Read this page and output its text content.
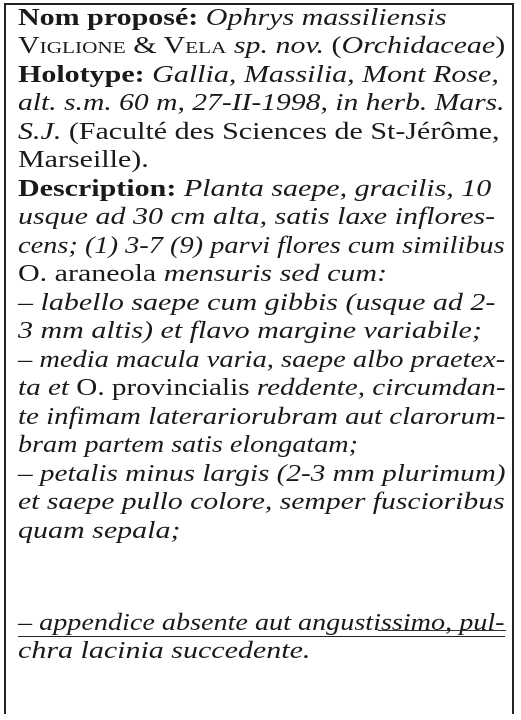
Nom proposé: Ophrys massiliensis
Viglione & Vela sp. nov. (Orchidaceae)
Holotype: Gallia, Massilia, Mont Rose,
alt. s.m. 60 m, 27-II-1998, in herb. Mars.
S.J. (Faculté des Sciences de St-Jérôme,
Marseille).
Description: Planta saepe, gracilis, 10
usque ad 30 cm alta, satis laxe inflores-
cens; (1) 3-7 (9) parvi flores cum similibus
O. araneola mensuris sed cum:
– labello saepe cum gibbis (usque ad 2-
3 mm altis) et flavo margine variabile;
– media macula varia, saepe albo praetex-
ta et O. provincialis reddente, circumdan-
te infimam laterariorubram aut clarorum-
bram partem satis elongatam;
– petalis minus largis (2-3 mm plurimum)
et saepe pullo colore, semper fuscioribus
quam sepala;
– appendice absente aut angustissimo, pul-
chra lacinia succedente.
